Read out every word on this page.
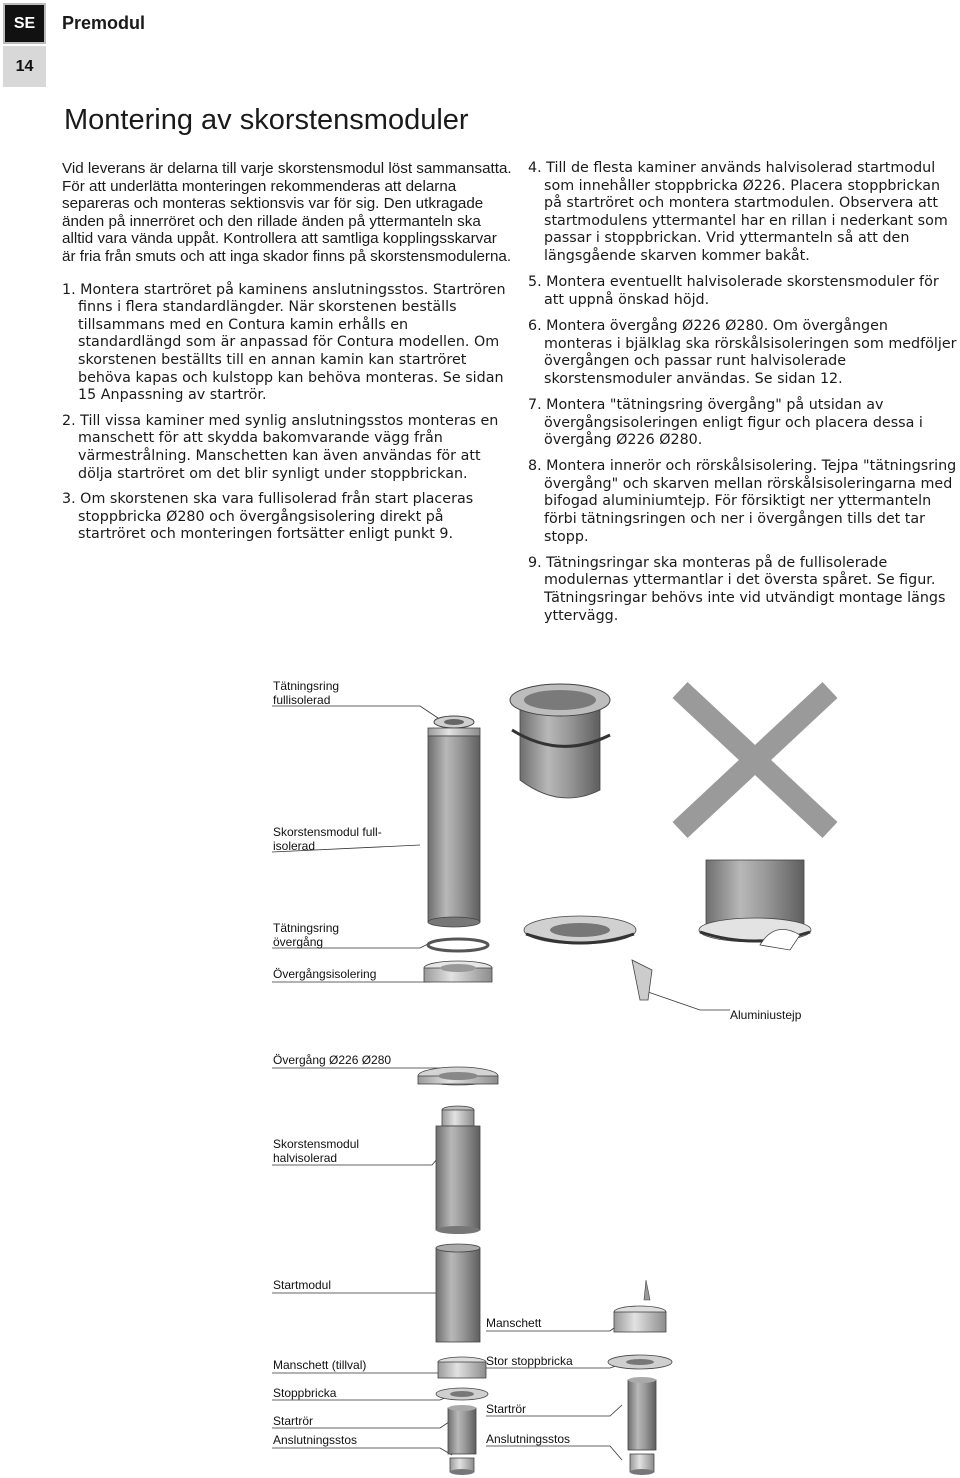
SE
14
Premodul
Montering av skorstensmoduler

Vid leverans är delarna till varje skorstensmodul löst sammansatta. För att underlätta monteringen rekommenderas att delarna separeras och monteras sektionsvis var för sig. Den utkragade änden på innerröret och den rillade änden på yttermanteln ska alltid vara vända uppåt. Kontrollera att samtliga kopplingsskarvar är fria från smuts och att inga skador finns på skorstensmodulerna.

1. Montera startröret på kaminens anslutningsstos. Startrören finns i flera standardlängder. När skorstenen beställs tillsammans med en Contura kamin erhålls en standardlängd som är anpassad för Contura modellen. Om skorstenen beställts till en annan kamin kan startröret behöva kapas och kulstopp kan behöva monteras. Se sidan 15 Anpassning av startrör.

2. Till vissa kaminer med synlig anslutningsstos monteras en manschett för att skydda bakomvarande vägg från värmestrålning. Manschetten kan även användas för att dölja startröret om det blir synligt under stoppbrickan.

3. Om skorstenen ska vara fullisolerad från start placeras stoppbricka Ø280 och övergångsisolering direkt på startröret och monteringen fortsätter enligt punkt 9.

4. Till de flesta kaminer används halvisolerad startmodul som innehåller stoppbricka Ø226. Placera stoppbrickan på startröret och montera startmodulen. Observera att startmodulens yttermantel har en rillan i nederkant som passar i stoppbrickan. Vrid yttermanteln så att den längsgående skarven kommer bakåt.

5. Montera eventuellt halvisolerade skorstensmoduler för att uppnå önskad höjd.

6. Montera övergång Ø226 Ø280. Om övergången monteras i bjälklag ska rörskålsisoleringen som medföljer övergången och passar runt halvisolerade skorstensmoduler användas. Se sidan 12.

7. Montera "tätningsring övergång" på utsidan av övergångsisoleringen enligt figur och placera dessa i övergång Ø226 Ø280.

8. Montera innerör och rörskålsisolering. Tejpa "tätningsring övergång" och skarven mellan rörskålsisoleringarna med bifogad aluminiumtejp. För försiktigt ner yttermanteln förbi tätningsringen och ner i övergången tills det tar stopp.

9. Tätningsringar ska monteras på de fullisolerade modulernas yttermantlar i det översta spåret. Se figur. Tätningsringar behövs inte vid utvändigt montage längs yttervägg.

Tätningsring
fullisolerad
Skorstensmodul full-
isolerad
Tätningsring
övergång
Övergångsisolering
Aluminiustejp
Övergång Ø226 Ø280
Skorstensmodul
halvisolerad
Startmodul
Manschett
Manschett (tillval)	Stor stoppbricka
Stoppbricka
Startrör
Startrör
Anslutningsstos	Anslutningsstos
